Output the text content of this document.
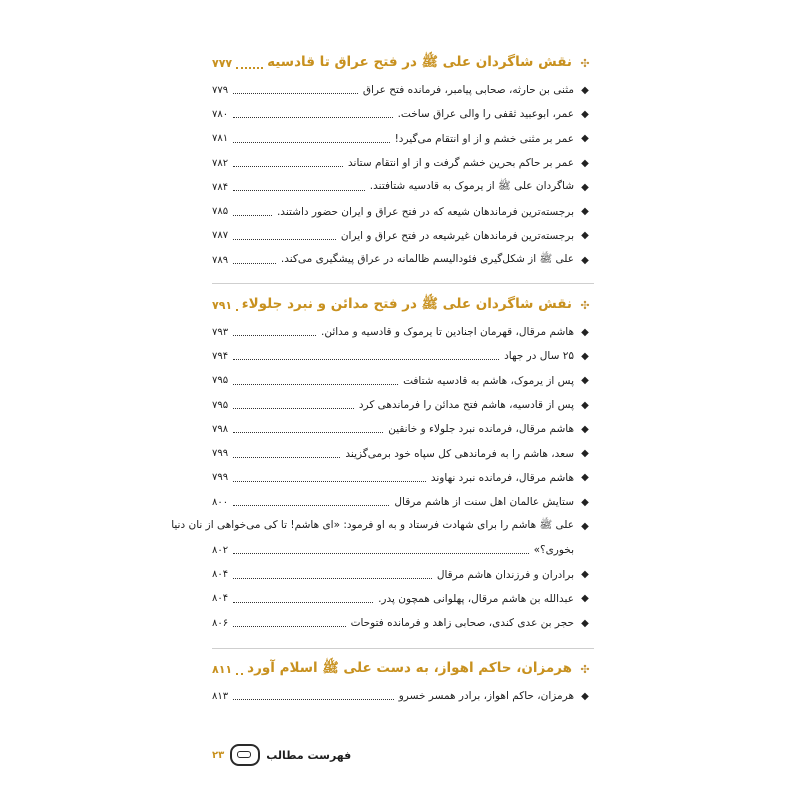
✣
نقش شاگردان علی ﷺ در فتح عراق تا قادسیه
۷۷۷
◆
مثنی بن حارثه، صحابی پیامبر، فرمانده فتح عراق
۷۷۹
◆
عمر، ابوعبید ثقفی را والی عراق ساخت.
۷۸۰
◆
عمر بر مثنی خشم و از او انتقام می‌گیرد!
۷۸۱
◆
عمر بر حاکم بحرین خشم گرفت و از او انتقام ستاند
۷۸۲
◆
شاگردان علی ﷺ از یرموک به قادسیه شتافتند.
۷۸۴
◆
برجسته‌ترین فرماندهان شیعه که در فتح عراق و ایران حضور داشتند.
۷۸۵
◆
برجسته‌ترین فرماندهان غیرشیعه در فتح عراق و ایران
۷۸۷
◆
علی ﷺ از شکل‌گیری فئودالیسم ظالمانه در عراق پیشگیری می‌کند.
۷۸۹
✣
نقش شاگردان علی ﷺ در فتح مدائن و نبرد جلولاء
۷۹۱
◆
هاشم مرقال، قهرمان اجنادین تا یرموک و قادسیه و مدائن.
۷۹۳
◆
۲۵ سال در جهاد
۷۹۴
◆
پس از یرموک، هاشم به قادسیه شتافت
۷۹۵
◆
پس از قادسیه، هاشم فتح مدائن را فرماندهی کرد
۷۹۵
◆
هاشم مرقال، فرمانده نبرد جلولاء و خانقین
۷۹۸
◆
سعد، هاشم را به فرماندهی کل سپاه خود برمی‌گزیند
۷۹۹
◆
هاشم مرقال، فرمانده نبرد نهاوند
۷۹۹
◆
ستایش عالمان اهل سنت از هاشم مرقال
۸۰۰
◆
علی ﷺ هاشم را برای شهادت فرستاد و به او فرمود: «ای هاشم! تا کی می‌خواهی از نان دنیا
بخوری؟»
۸۰۲
◆
برادران و فرزندان هاشم مرقال
۸۰۴
◆
عبدالله بن هاشم مرقال، پهلوانی همچون پدر.
۸۰۴
◆
حجر بن عدی کندی، صحابی زاهد و فرمانده فتوحات
۸۰۶
✣
هرمزان، حاکم اهواز، به دست علی ﷺ اسلام آورد
۸۱۱
◆
هرمزان، حاکم اهواز، برادر همسر خسرو
۸۱۳
فهرست مطالب
۲۳
